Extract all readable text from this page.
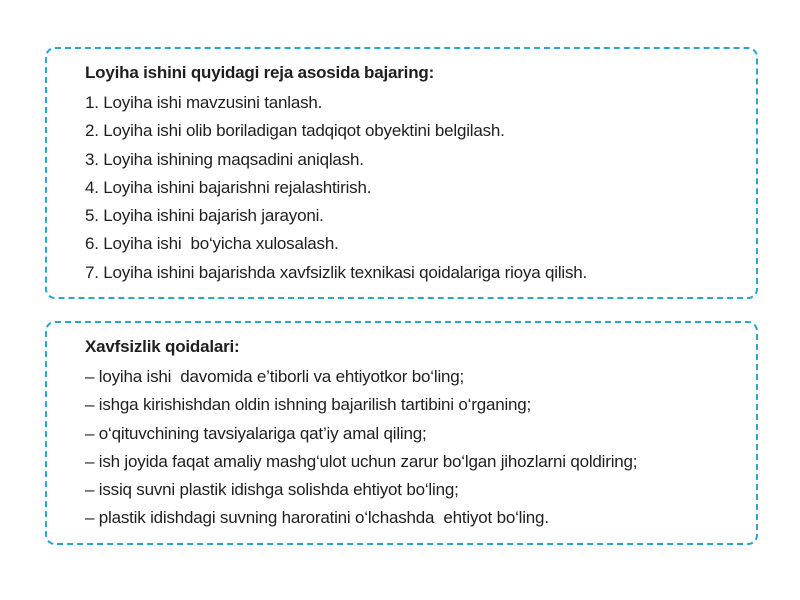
Loyiha ishini quyidagi reja asosida bajaring:
1. Loyiha ishi mavzusini tanlash.
2. Loyiha ishi olib boriladigan tadqiqot obyektini belgilash.
3. Loyiha ishining maqsadini aniqlash.
4. Loyiha ishini bajarishni rejalashtirish.
5. Loyiha ishini bajarish jarayoni.
6. Loyiha ishi  bo‘yicha xulosalash.
7. Loyiha ishini bajarishda xavfsizlik texnikasi qoidalariga rioya qilish.
Xavfsizlik qoidalari:
– loyiha ishi  davomida e’tiborli va ehtiyotkor bo‘ling;
– ishga kirishishdan oldin ishning bajarilish tartibini o‘rganing;
– o‘qituvchining tavsiyalariga qat’iy amal qiling;
– ish joyida faqat amaliy mashg‘ulot uchun zarur bo‘lgan jihozlarni qoldiring;
– issiq suvni plastik idishga solishda ehtiyot bo‘ling;
– plastik idishdagi suvning haroratini o‘lchashda  ehtiyot bo‘ling.
